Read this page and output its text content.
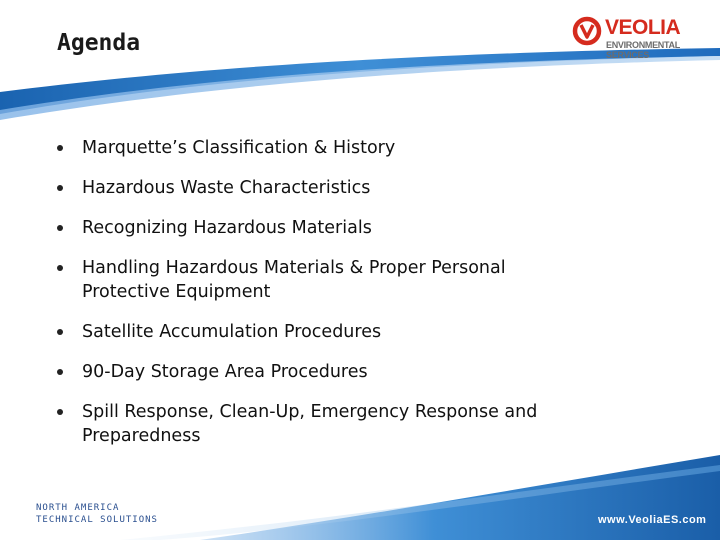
Agenda
VEOLIA
ENVIRONMENTAL
SERVICES
Marquette’s Classification & History
Hazardous Waste Characteristics
Recognizing Hazardous Materials
Handling Hazardous Materials & Proper Personal
Protective Equipment
Satellite Accumulation Procedures
90-Day Storage Area Procedures
Spill Response, Clean-Up, Emergency Response and
Preparedness
NORTH AMERICA
TECHNICAL SOLUTIONS	www.VeoliaES.com
